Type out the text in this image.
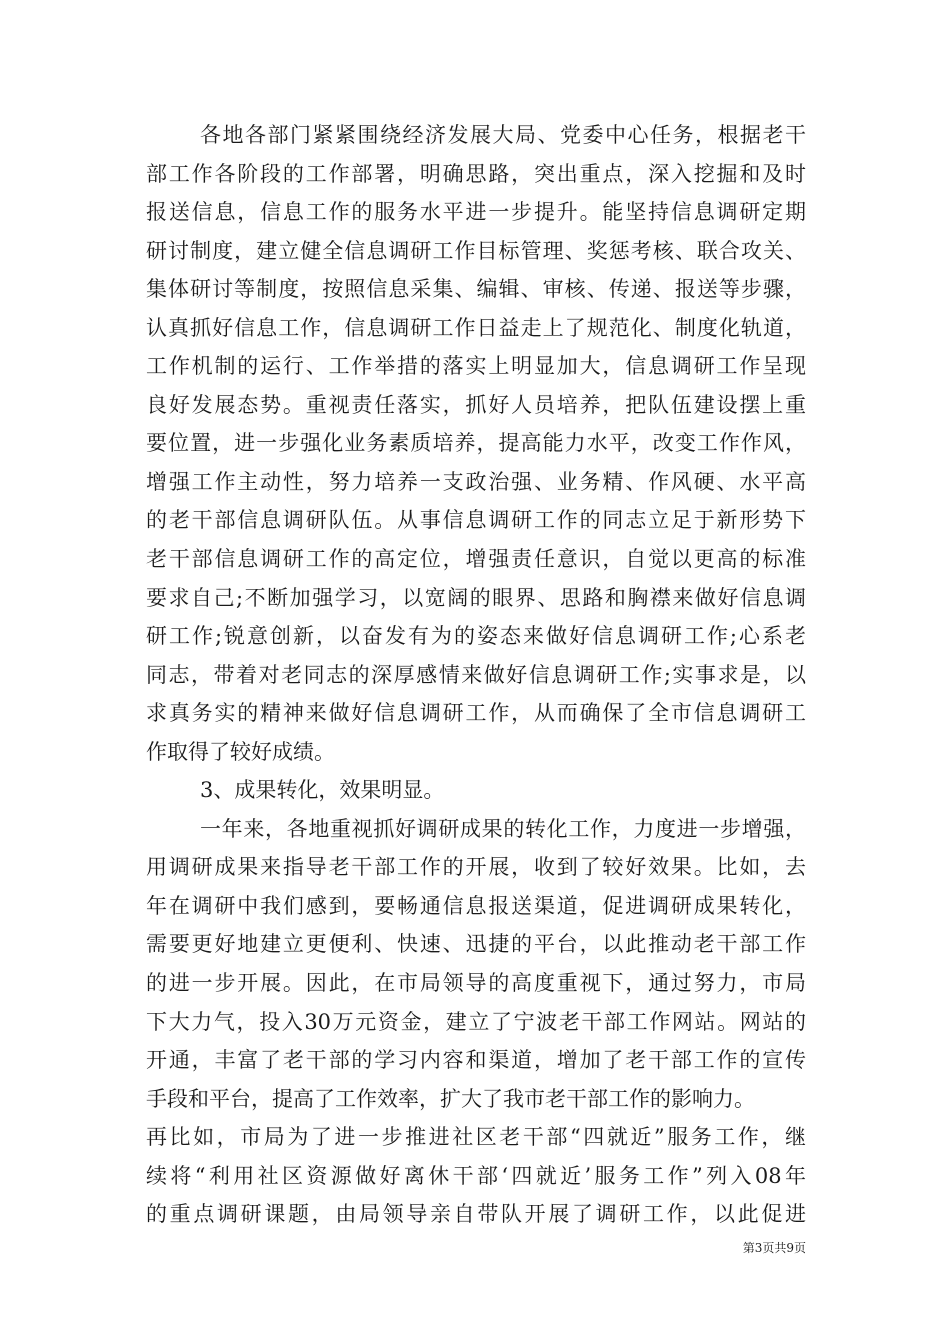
各地各部门紧紧围绕经济发展大局、党委中心任务，根据老干
部工作各阶段的工作部署，明确思路，突出重点，深入挖掘和及时
报送信息，信息工作的服务水平进一步提升。能坚持信息调研定期
研讨制度，建立健全信息调研工作目标管理、奖惩考核、联合攻关、
集体研讨等制度，按照信息采集、编辑、审核、传递、报送等步骤，
认真抓好信息工作，信息调研工作日益走上了规范化、制度化轨道，
工作机制的运行、工作举措的落实上明显加大，信息调研工作呈现
良好发展态势。重视责任落实，抓好人员培养，把队伍建设摆上重
要位置，进一步强化业务素质培养，提高能力水平，改变工作作风，
增强工作主动性，努力培养一支政治强、业务精、作风硬、水平高
的老干部信息调研队伍。从事信息调研工作的同志立足于新形势下
老干部信息调研工作的高定位，增强责任意识，自觉以更高的标准
要求自己;不断加强学习，以宽阔的眼界、思路和胸襟来做好信息调
研工作;锐意创新，以奋发有为的姿态来做好信息调研工作;心系老
同志，带着对老同志的深厚感情来做好信息调研工作;实事求是，以
求真务实的精神来做好信息调研工作，从而确保了全市信息调研工
作取得了较好成绩。
3、成果转化，效果明显。
一年来，各地重视抓好调研成果的转化工作，力度进一步增强，
用调研成果来指导老干部工作的开展，收到了较好效果。比如，去
年在调研中我们感到，要畅通信息报送渠道，促进调研成果转化，
需要更好地建立更便利、快速、迅捷的平台，以此推动老干部工作
的进一步开展。因此，在市局领导的高度重视下，通过努力，市局
下大力气，投入30万元资金，建立了宁波老干部工作网站。网站的
开通，丰富了老干部的学习内容和渠道，增加了老干部工作的宣传
手段和平台，提高了工作效率，扩大了我市老干部工作的影响力。
再比如，市局为了进一步推进社区老干部“四就近”服务工作，继
续将“利用社区资源做好离休干部‘四就近’服务工作”列入08年
的重点调研课题，由局领导亲自带队开展了调研工作，以此促进
第3页共9页
